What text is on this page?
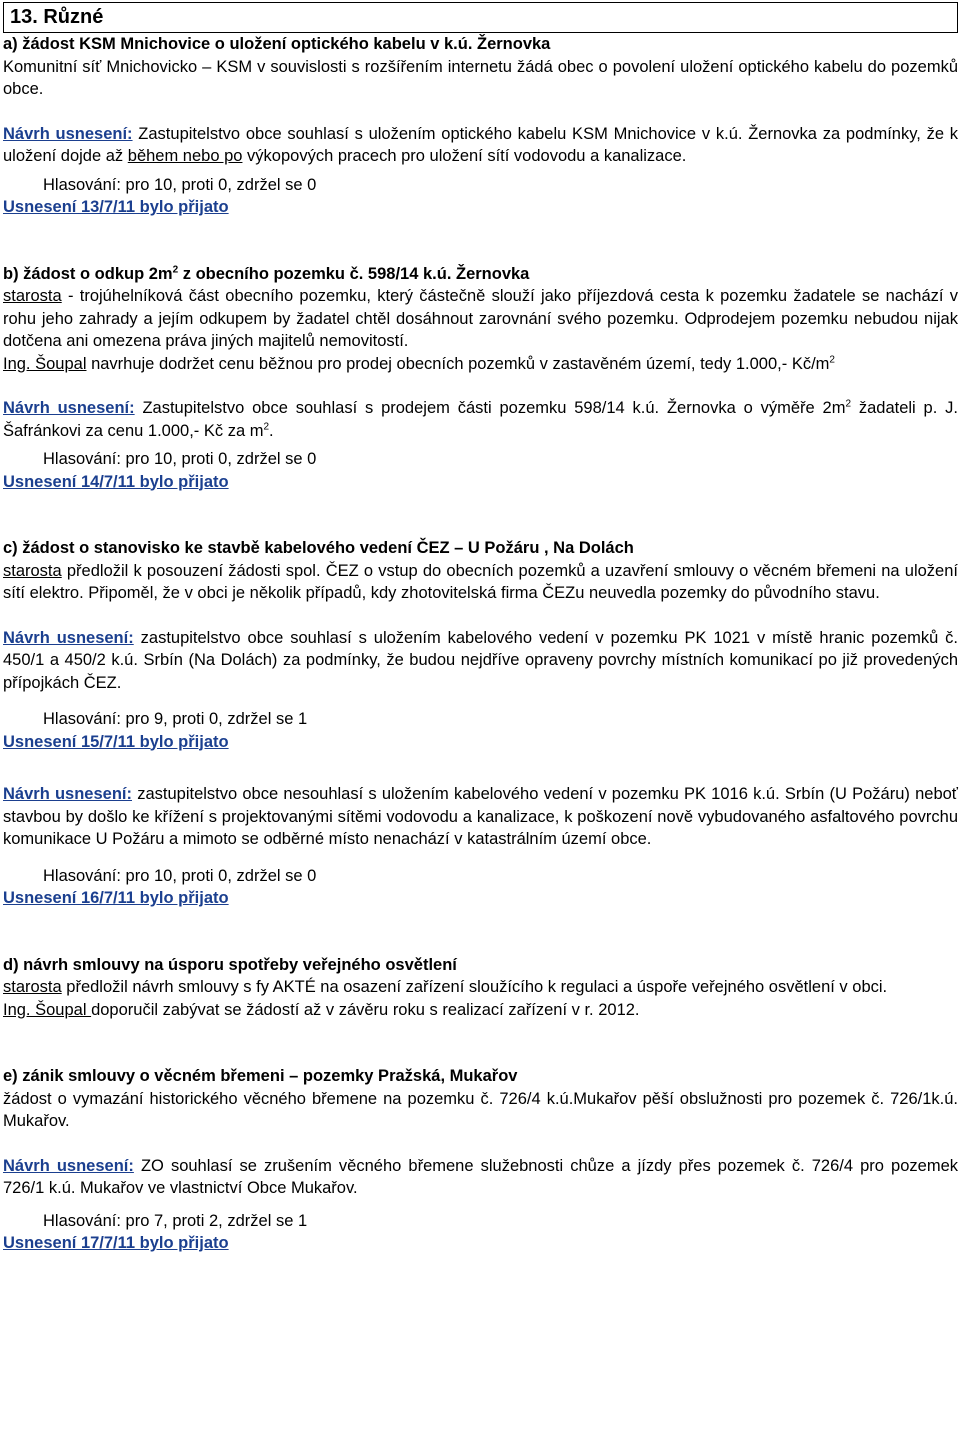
13. Různé

a) žádost KSM Mnichovice o uložení optického kabelu v k.ú. Žernovka

Komunitní síť Mnichovicko – KSM v souvislosti s rozšířením internetu žádá obec o povolení uložení optického kabelu do pozemků obce.

Návrh usnesení: Zastupitelstvo obce souhlasí s uložením optického kabelu KSM Mnichovice v k.ú. Žernovka za podmínky, že k uložení dojde až během nebo po výkopových pracech pro uložení sítí vodovodu a kanalizace.

Hlasování: pro 10, proti 0, zdržel se 0

Usnesení 13/7/11 bylo přijato

b) žádost o odkup $2m^2$ z obecního pozemku č. 598/14 k.ú. Žernovka

starosta - trojúhelníková část obecního pozemku, který částečně slouží jako příjezdová cesta k pozemku žadatele se nachází v rohu jeho zahrady a jejím odkupem by žadatel chtěl dosáhnout zarovnání svého pozemku. Odprodejem pozemku nebudou nijak dotčena ani omezena práva jiných majitelů nemovitostí.

Ing. Šoupal navrhuje dodržet cenu běžnou pro prodej obecních pozemků v zastavěném území, tedy 1.000,- $Kč/m^2$

Návrh usnesení: Zastupitelstvo obce souhlasí s prodejem části pozemku 598/14 k.ú. Žernovka o výměře $2m^2$ žadateli p. J. Šafránkovi za cenu 1.000,- Kč za $m^2$.

Hlasování: pro 10, proti 0, zdržel se 0

Usnesení 14/7/11 bylo přijato

c) žádost o stanovisko ke stavbě kabelového vedení ČEZ – U Požáru , Na Dolách

starosta předložil k posouzení žádosti spol. ČEZ o vstup do obecních pozemků a uzavření smlouvy o věcném břemeni na uložení sítí elektro. Připoměl, že v obci je několik případů, kdy zhotovitelská firma ČEZu neuvedla pozemky do původního stavu.

Návrh usnesení: zastupitelstvo obce souhlasí s uložením kabelového vedení v pozemku PK 1021 v místě hranic pozemků č. 450/1 a 450/2 k.ú. Srbín (Na Dolách) za podmínky, že budou nejdříve opraveny povrchy místních komunikací po již provedených přípojkách ČEZ.

Hlasování: pro 9, proti 0, zdržel se 1

Usnesení 15/7/11 bylo přijato

Návrh usnesení: zastupitelstvo obce nesouhlasí s uložením kabelového vedení v pozemku PK 1016 k.ú. Srbín (U Požáru) neboť stavbou by došlo ke křížení s projektovanými sítěmi vodovodu a kanalizace, k poškození nově vybudovaného asfaltového povrchu komunikace U Požáru a mimoto se odběrné místo nenachází v katastrálním území obce.

Hlasování: pro 10, proti 0, zdržel se 0

Usnesení 16/7/11 bylo přijato

d) návrh smlouvy na úsporu spotřeby veřejného osvětlení

starosta předložil návrh smlouvy s fy AKTÉ na osazení zařízení sloužícího k regulaci a úspoře veřejného osvětlení v obci.

Ing. Šoupal doporučil zabývat se žádostí až v závěru roku s realizací zařízení v r. 2012.

e) zánik smlouvy o věcném břemeni – pozemky Pražská, Mukařov

žádost o vymazání historického věcného břemene na pozemku č. 726/4 k.ú.Mukařov pěší obslužnosti pro pozemek č. 726/1k.ú. Mukařov.

Návrh usnesení: ZO souhlasí se zrušením věcného břemene služebnosti chůze a jízdy přes pozemek č. 726/4 pro pozemek 726/1 k.ú. Mukařov ve vlastnictví Obce Mukařov.

Hlasování: pro 7, proti 2, zdržel se 1

Usnesení 17/7/11 bylo přijato
